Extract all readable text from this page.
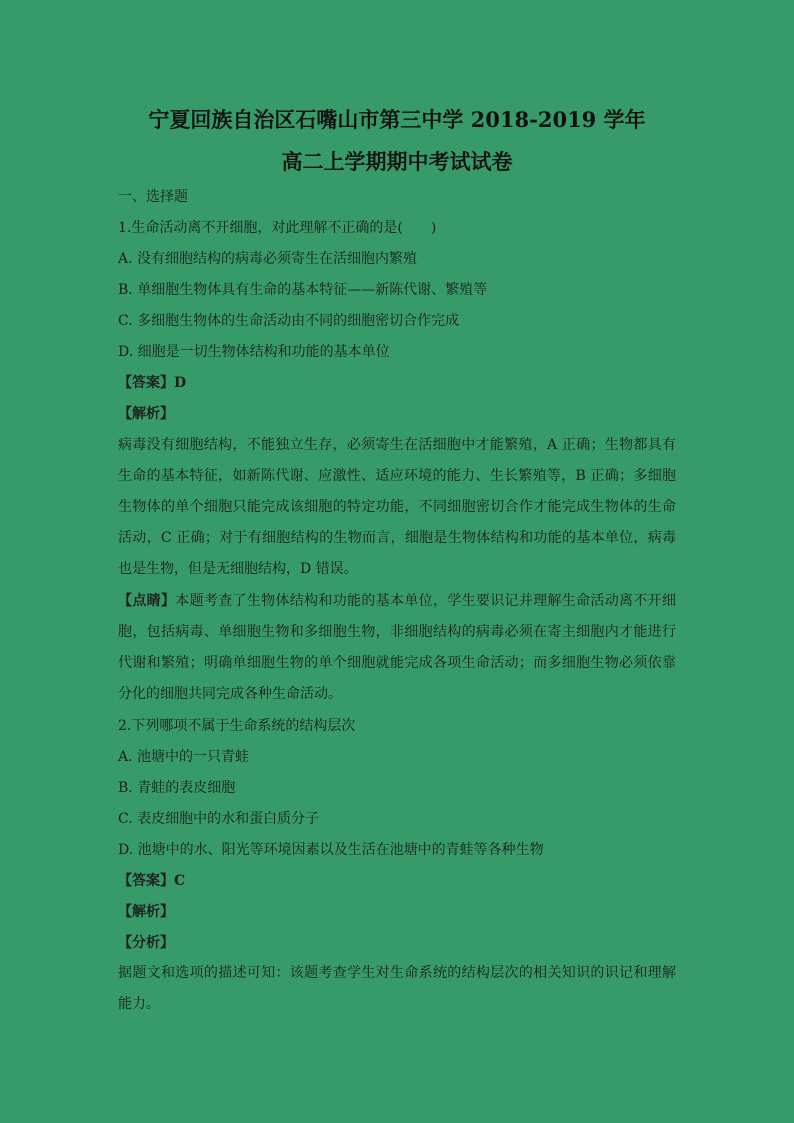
宁夏回族自治区石嘴山市第三中学 2018-2019 学年
高二上学期期中考试试卷
一、选择题
1.生命活动离不开细胞，对此理解不正确的是(　　)
A. 没有细胞结构的病毒必须寄生在活细胞内繁殖
B. 单细胞生物体具有生命的基本特征——新陈代谢、繁殖等
C. 多细胞生物体的生命活动由不同的细胞密切合作完成
D. 细胞是一切生物体结构和功能的基本单位
【答案】D
【解析】
病毒没有细胞结构，不能独立生存，必须寄生在活细胞中才能繁殖，A 正确；生物都具有生命的基本特征，如新陈代谢、应激性、适应环境的能力、生长繁殖等，B 正确；多细胞生物体的单个细胞只能完成该细胞的特定功能，不同细胞密切合作才能完成生物体的生命活动，C 正确；对于有细胞结构的生物而言，细胞是生物体结构和功能的基本单位，病毒也是生物，但是无细胞结构，D 错误。
【点睛】本题考查了生物体结构和功能的基本单位，学生要识记并理解生命活动离不开细胞，包括病毒、单细胞生物和多细胞生物，非细胞结构的病毒必须在寄主细胞内才能进行代谢和繁殖；明确单细胞生物的单个细胞就能完成各项生命活动；而多细胞生物必须依靠分化的细胞共同完成各种生命活动。
2.下列哪项不属于生命系统的结构层次
A. 池塘中的一只青蛙
B. 青蛙的表皮细胞
C. 表皮细胞中的水和蛋白质分子
D. 池塘中的水、阳光等环境因素以及生活在池塘中的青蛙等各种生物
【答案】C
【解析】
【分析】
据题文和选项的描述可知：该题考查学生对生命系统的结构层次的相关知识的识记和理解能力。
